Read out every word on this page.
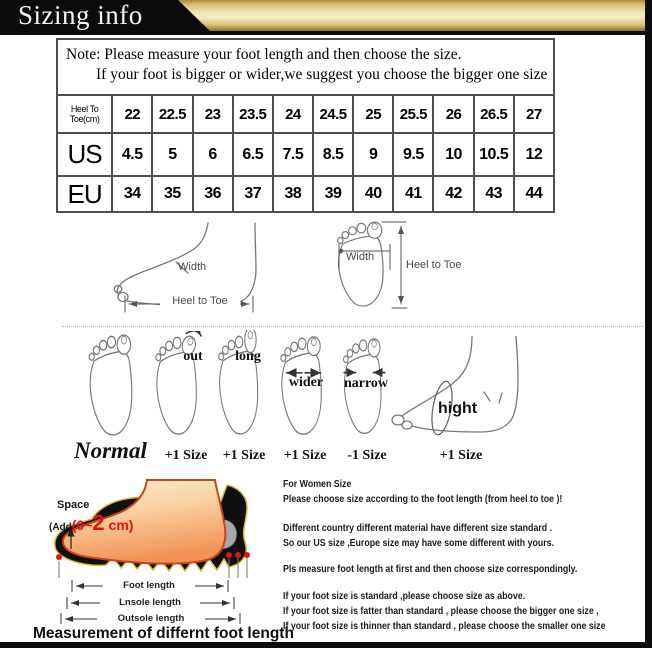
Sizing info
Note: Please measure your foot length and then choose the size.
If your foot is bigger or wider,we suggest you choose the bigger one size											

Heel To Toe(cm)	22	22.5	23	23.5	24	24.5	25	25.5	26	26.5	27
US	4.5	5	6	6.5	7.5	8.5	9	9.5	10	10.5	12
EU	34	35	36	37	38	39	40	41	42	43	44
Width
Heel to Toe
Width
Heel to Toe
out	long
wider	narrow
hight
Normal	+1 Size	+1 Size	+1 Size	-1 Size	+1 Size
Space
(Add(0~2 cm)
Foot length
Lnsole length
Outsole length
Measurement of differnt foot length
For Women Size
Please choose size according to the foot length (from heel to toe )!
Different country different material have different size standard .
So our US size ,Europe size may have some different with yours.
Pls measure foot length at first and then choose size correspondingly.
If your foot size is standard ,please choose size as above.
If your foot size is fatter than standard , please choose the bigger one size ,
If your foot size is thinner than standard , please choose the smaller one size
